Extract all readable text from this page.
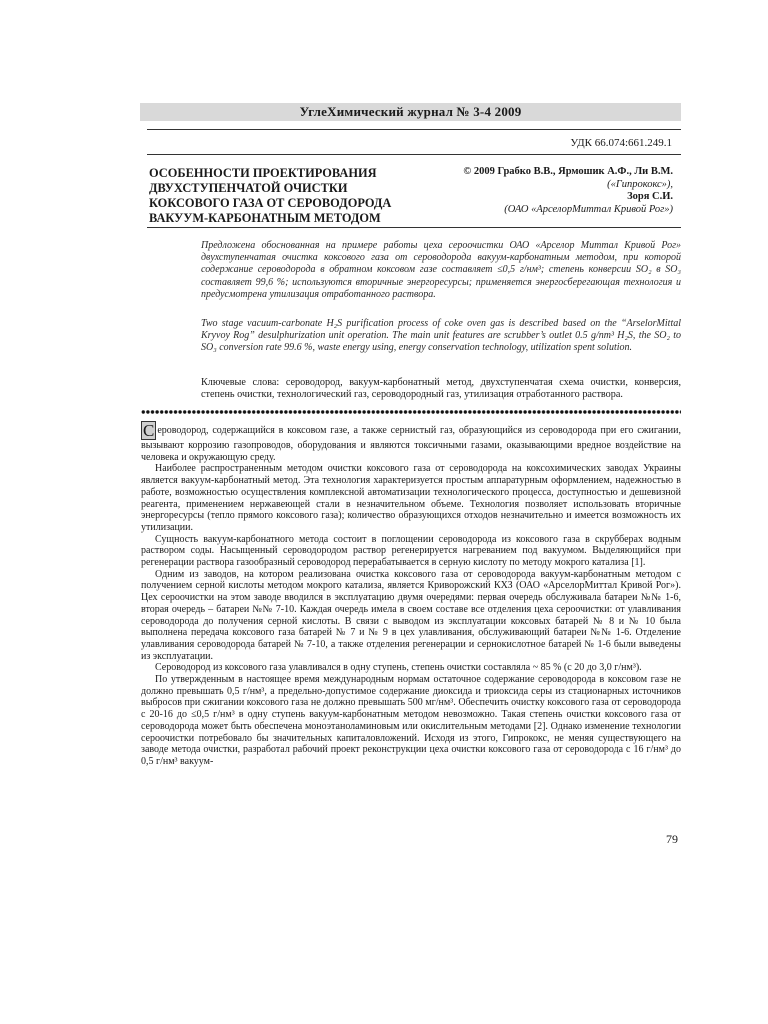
УглеХимический журнал № 3-4 2009
УДК 66.074:661.249.1
ОСОБЕННОСТИ ПРОЕКТИРОВАНИЯ
ДВУХСТУПЕНЧАТОЙ ОЧИСТКИ
КОКСОВОГО ГАЗА ОТ СЕРОВОДОРОДА
ВАКУУМ-КАРБОНАТНЫМ МЕТОДОМ
© 2009 Грабко В.В., Ярмошик А.Ф., Ли В.М.
(«Гипрококс»),
Зоря С.И.
(ОАО «АрселорМиттал Кривой Рог»)
Предложена обоснованная на примере работы цеха сероочистки ОАО «Арселор Миттал Кривой Рог» двухступенчатая очистка коксового газа от сероводорода вакуум-карбонатным методом, при которой содержание сероводорода в обратном коксовом газе составляет ≤0,5 г/нм³; степень конверсии SO₂ в SO₃ составляет 99,6 %; используются вторичные энергоресурсы; применяется энергосберегающая технология и предусмотрена утилизация отработанного раствора.
Two stage vacuum-carbonate H₂S purification process of coke oven gas is described based on the “ArselorMittal Kryvoy Rog” desulphurization unit operation. The main unit features are scrubber’s outlet 0.5 g/nm³ H₂S, the SO₂ to SO₃ conversion rate 99.6 %, waste energy using, energy conservation technology, utilization spent solution.
Ключевые слова: сероводород, вакуум-карбонатный метод, двухступенчатая схема очистки, конверсия, степень очистки, технологический газ, сероводородный газ, утилизация отработанного раствора.

С ероводород, содержащийся в коксовом газе, а также сернистый газ, образующийся из сероводорода при его сжигании, вызывают коррозию газопроводов, оборудования и являются токсичными газами, оказывающими вредное воздействие на человека и окружающую среду.

Наиболее распространенным методом очистки коксового газа от сероводорода на коксохимических заводах Украины является вакуум-карбонатный метод. Эта технология характеризуется простым аппаратурным оформлением, надежностью в работе, возможностью осуществления комплексной автоматизации технологического процесса, доступностью и дешевизной реагента, применением нержавеющей стали в незначительном объеме. Технология позволяет использовать вторичные энергоресурсы (тепло прямого коксового газа); количество образующихся отходов незначительно и имеется возможность их утилизации.

Сущность вакуум-карбонатного метода состоит в поглощении сероводорода из коксового газа в скрубберах водным раствором соды. Насыщенный сероводородом раствор регенерируется нагреванием под вакуумом. Выделяющийся при регенерации раствора газообразный сероводород перерабатывается в серную кислоту по методу мокрого катализа [1].

Одним из заводов, на котором реализована очистка коксового газа от сероводорода вакуум-карбонатным методом с получением серной кислоты методом мокрого катализа, является Криворожский КХЗ (ОАО «АрселорМиттал Кривой Рог»). Цех сероочистки на этом заводе вводился в эксплуатацию двумя очередями: первая очередь обслуживала батареи №№ 1-6, вторая очередь – батареи №№ 7-10. Каждая очередь имела в своем составе все отделения цеха сероочистки: от улавливания сероводорода до получения серной кислоты. В связи с выводом из эксплуатации коксовых батарей № 8 и № 10 была выполнена передача коксового газа батарей № 7 и № 9 в цех улавливания, обслуживающий батареи №№ 1-6. Отделение улавливания сероводорода батарей № 7-10, а также отделения регенерации и сернокислотное батарей № 1-6 были выведены из эксплуатации.

Сероводород из коксового газа улавливался в одну ступень, степень очистки составляла ~ 85 % (с 20 до 3,0 г/нм³).

По утвержденным в настоящее время международным нормам остаточное содержание сероводорода в коксовом газе не должно превышать 0,5 г/нм³, а предельно-допустимое содержание диоксида и триоксида серы из стационарных источников выбросов при сжигании коксового газа не должно превышать 500 мг/нм³. Обеспечить очистку коксового газа от сероводорода с 20-16 до ≤0,5 г/нм³ в одну ступень вакуум-карбонатным методом невозможно. Такая степень очистки коксового газа от сероводорода может быть обеспечена моноэтаноламиновым или окислительным методами [2]. Однако изменение технологии сероочистки потребовало бы значительных капиталовложений. Исходя из этого, Гипрококс, не меняя существующего на заводе метода очистки, разработал рабочий проект реконструкции цеха очистки коксового газа от сероводорода с 16 г/нм³ до 0,5 г/нм³ вакуум-

79
